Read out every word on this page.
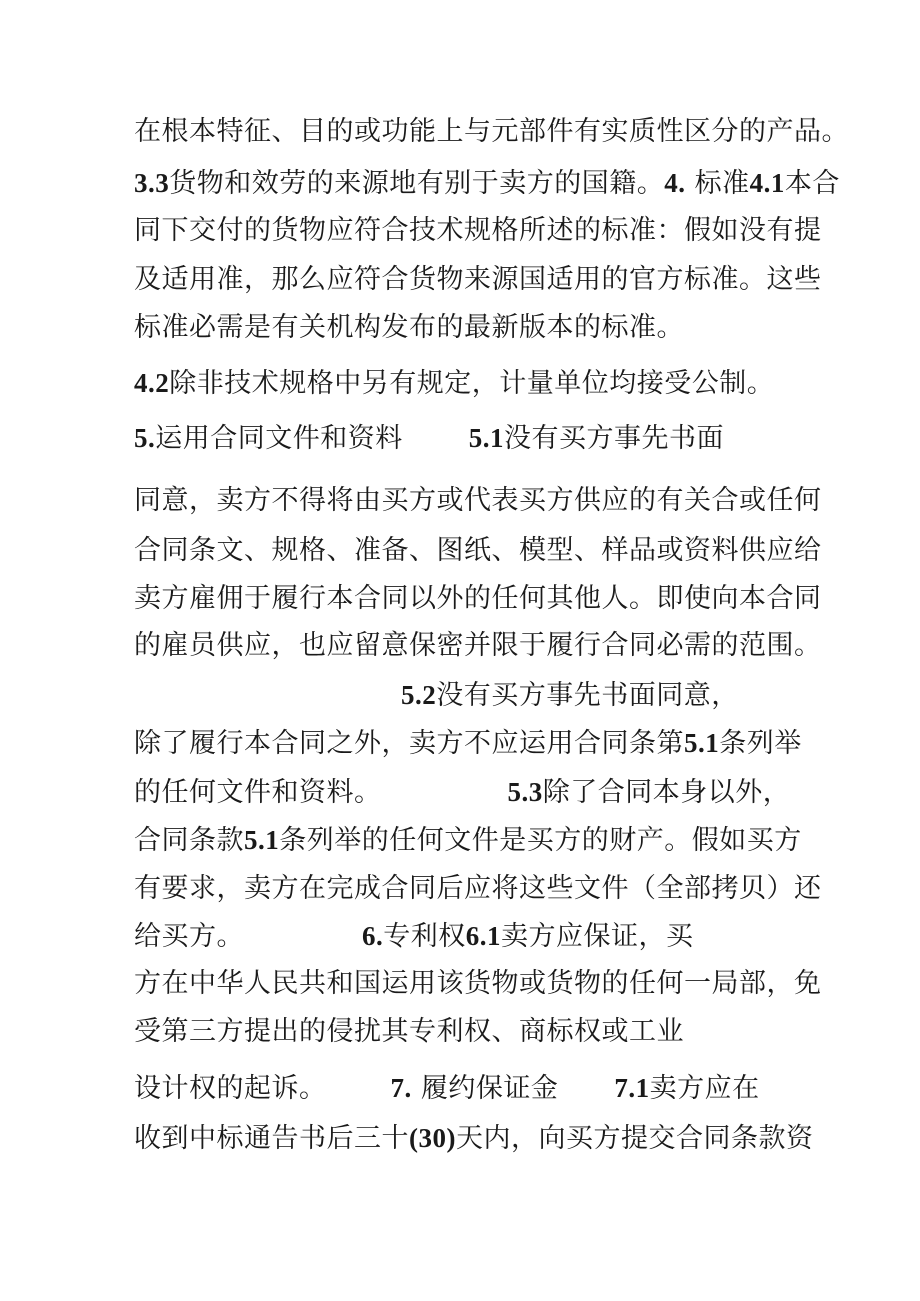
在根本特征、目的或功能上与元部件有实质性区分的产品。
3.3货物和效劳的来源地有别于卖方的国籍。4. 标准4.1本合
同下交付的货物应符合技术规格所述的标准：假如没有提
及适用准，那么应符合货物来源国适用的官方标准。这些
标准必需是有关机构发布的最新版本的标准。
4.2除非技术规格中另有规定，计量单位均接受公制。
5.运用合同文件和资料 5.1没有买方事先书面
同意，卖方不得将由买方或代表买方供应的有关合或任何
合同条文、规格、准备、图纸、模型、样品或资料供应给
卖方雇佣于履行本合同以外的任何其他人。即使向本合同
的雇员供应，也应留意保密并限于履行合同必需的范围。
5.2没有买方事先书面同意，
除了履行本合同之外，卖方不应运用合同条第5.1条列举
的任何文件和资料。	5.3除了合同本身以外，
合同条款5.1条列举的任何文件是买方的财产。假如买方
有要求，卖方在完成合同后应将这些文件（全部拷贝）还
给买方。	6.专利权6.1卖方应保证，买
方在中华人民共和国运用该货物或货物的任何一局部，免
受第三方提出的侵扰其专利权、商标权或工业
设计权的起诉。 7. 履约保证金 7.1卖方应在
收到中标通告书后三十(30)天内，向买方提交合同条款资
